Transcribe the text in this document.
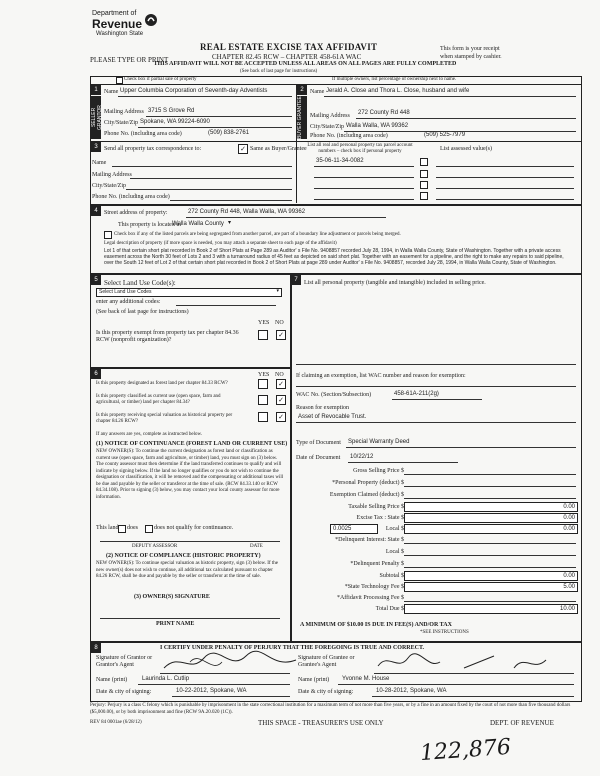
Department of
Revenue
Washington State
PLEASE TYPE OR PRINT
REAL ESTATE EXCISE TAX AFFIDAVIT
CHAPTER 82.45 RCW – CHAPTER 458-61A WAC
THIS AFFIDAVIT WILL NOT BE ACCEPTED UNLESS ALL AREAS ON ALL PAGES ARE FULLY COMPLETED
(See back of last page for instructions)
This form is your receipt
when stamped by cashier.
Check box if partial sale of property	If multiple owners, list percentage of ownership next to name.
1
SELLER GRANTOR
2
BUYER GRANTEE
Name Upper Columbia Corporation of Seventh-day Adventists
Mailing Address 3715 S Grove Rd
City/State/Zip Spokane, WA 99224-6090
Phone No. (including area code)	(509) 838-2761
Name Jerald A. Close and Thora L. Close, husband and wife
Mailing Address 272 County Rd 448
City/State/Zip Walla Walla, WA 99362
Phone No. (including area code)	(509) 525-7979
3	Send all property tax correspondence to:	✓ Same as Buyer/Grantee
Name
Mailing Address
City/State/Zip
Phone No. (including area code)
List all real and personal property tax parcel account numbers – check box if personal property	List assessed value(s)
35-06-11-34-0082
4	Street address of property:	272 County Rd 448, Walla Walla, WA 99362
This property is located in
Walla Walla County ▾
Check box if any of the listed parcels are being segregated from another parcel, are part of a boundary line adjustment or parcels being merged.
Legal description of property (if more space is needed, you may attach a separate sheet to each page of the affidavit)
Lot 1 of that certain short plat recorded in Book 2 of Short Plats at Page 289 as Auditor' s File No. 9408857 recorded July 28, 1994, in Walla Walla County, State of Washington. Together with a private access easement across the North 30 feet of Lots 2 and 3 with a turnaround radius of 45 feet as depicted on said short plat. Together with an easement for a pipeline, and the right to make any repairs to said pipeline, over the South 12 feet of Lot 2 of that certain short plat recorded in Book 2 of Short Plats at page 289 under Auditor' s File No. 9408857, recorded July 28, 1994, in Walla Walla County, State of Washington.
5 Select Land Use Code(s):
Select Land Use Codes	▾
enter any additional codes:
(See back of last page for instructions)
YES NO
Is this property exempt from property tax per chapter 84.36 RCW (nonprofit organization)?
✓
6	YES NO
Is this property designated as forest land per chapter 84.33 RCW?	✓
Is this property classified as current use (open space, farm and agricultural, or timber) land per chapter 84.34?	✓
Is this property receiving special valuation as historical property per chapter 84.26 RCW?
✓
If any answers are yes, complete as instructed below.
(1) NOTICE OF CONTINUANCE (FOREST LAND OR CURRENT USE)
NEW OWNER(S): To continue the current designation as forest land or classification as current use (open space, farm and agriculture, or timber) land, you must sign on (3) below. The county assessor must then determine if the land transferred continues to qualify and will indicate by signing below. If the land no longer qualifies or you do not wish to continue the designation or classification, it will be removed and the compensating or additional taxes will be due and payable by the seller or transferor at the time of sale. (RCW 84.33.140 or RCW 84.34.108). Prior to signing (3) below, you may contact your local county assessor for more information.
This land does	does not qualify for continuance.
DEPUTY ASSESSOR	DATE
(2) NOTICE OF COMPLIANCE (HISTORIC PROPERTY)
NEW OWNER(S): To continue special valuation as historic property, sign (3) below. If the new owner(s) does not wish to continue, all additional tax calculated pursuant to chapter 84.26 RCW, shall be due and payable by the seller or transferor at the time of sale.
(3) OWNER(S) SIGNATURE
PRINT NAME
7	List all personal property (tangible and intangible) included in selling price.
If claiming an exemption, list WAC number and reason for exemption:
WAC No. (Section/Subsection)	458-61A-211(2g)
Reason for exemption
Asset of Revocable Trust.
Type of Document Special Warranty Deed
Date of Document 10/22/12
Gross Selling Price $
*Personal Property (deduct) $
Exemption Claimed (deduct) $
Taxable Selling Price $	0.00
Excise Tax : State $	0.00
0.0025	Local $	0.00
*Delinquent Interest: State $
Local $
*Delinquent Penalty $
Subtotal $	0.00
*State Technology Fee $	5.00
*Affidavit Processing Fee $
Total Due $	10.00
A MINIMUM OF $10.00 IS DUE IN FEE(S) AND/OR TAX
*SEE INSTRUCTIONS
8	I CERTIFY UNDER PENALTY OF PERJURY THAT THE FOREGOING IS TRUE AND CORRECT.
Signature of Grantor or Grantor's Agent
Name (print) Laurinda L. Cutlip
Date & city of signing:	10-22-2012, Spokane, WA
Signature of Grantee or Grantee's Agent
Name (print) Yvonne M. House
Date & city of signing:	10-28-2012, Spokane, WA
Perjury: Perjury is a class C felony which is punishable by imprisonment in the state correctional institution for a maximum term of not more than five years, or by a fine in an amount fixed by the court of not more than five thousand dollars ($5,000.00), or by both imprisonment and fine (RCW 9A.20.020 (1C)).
REV 84 0001ae (6/28/12)	THIS SPACE - TREASURER'S USE ONLY	DEPT. OF REVENUE
122,876
